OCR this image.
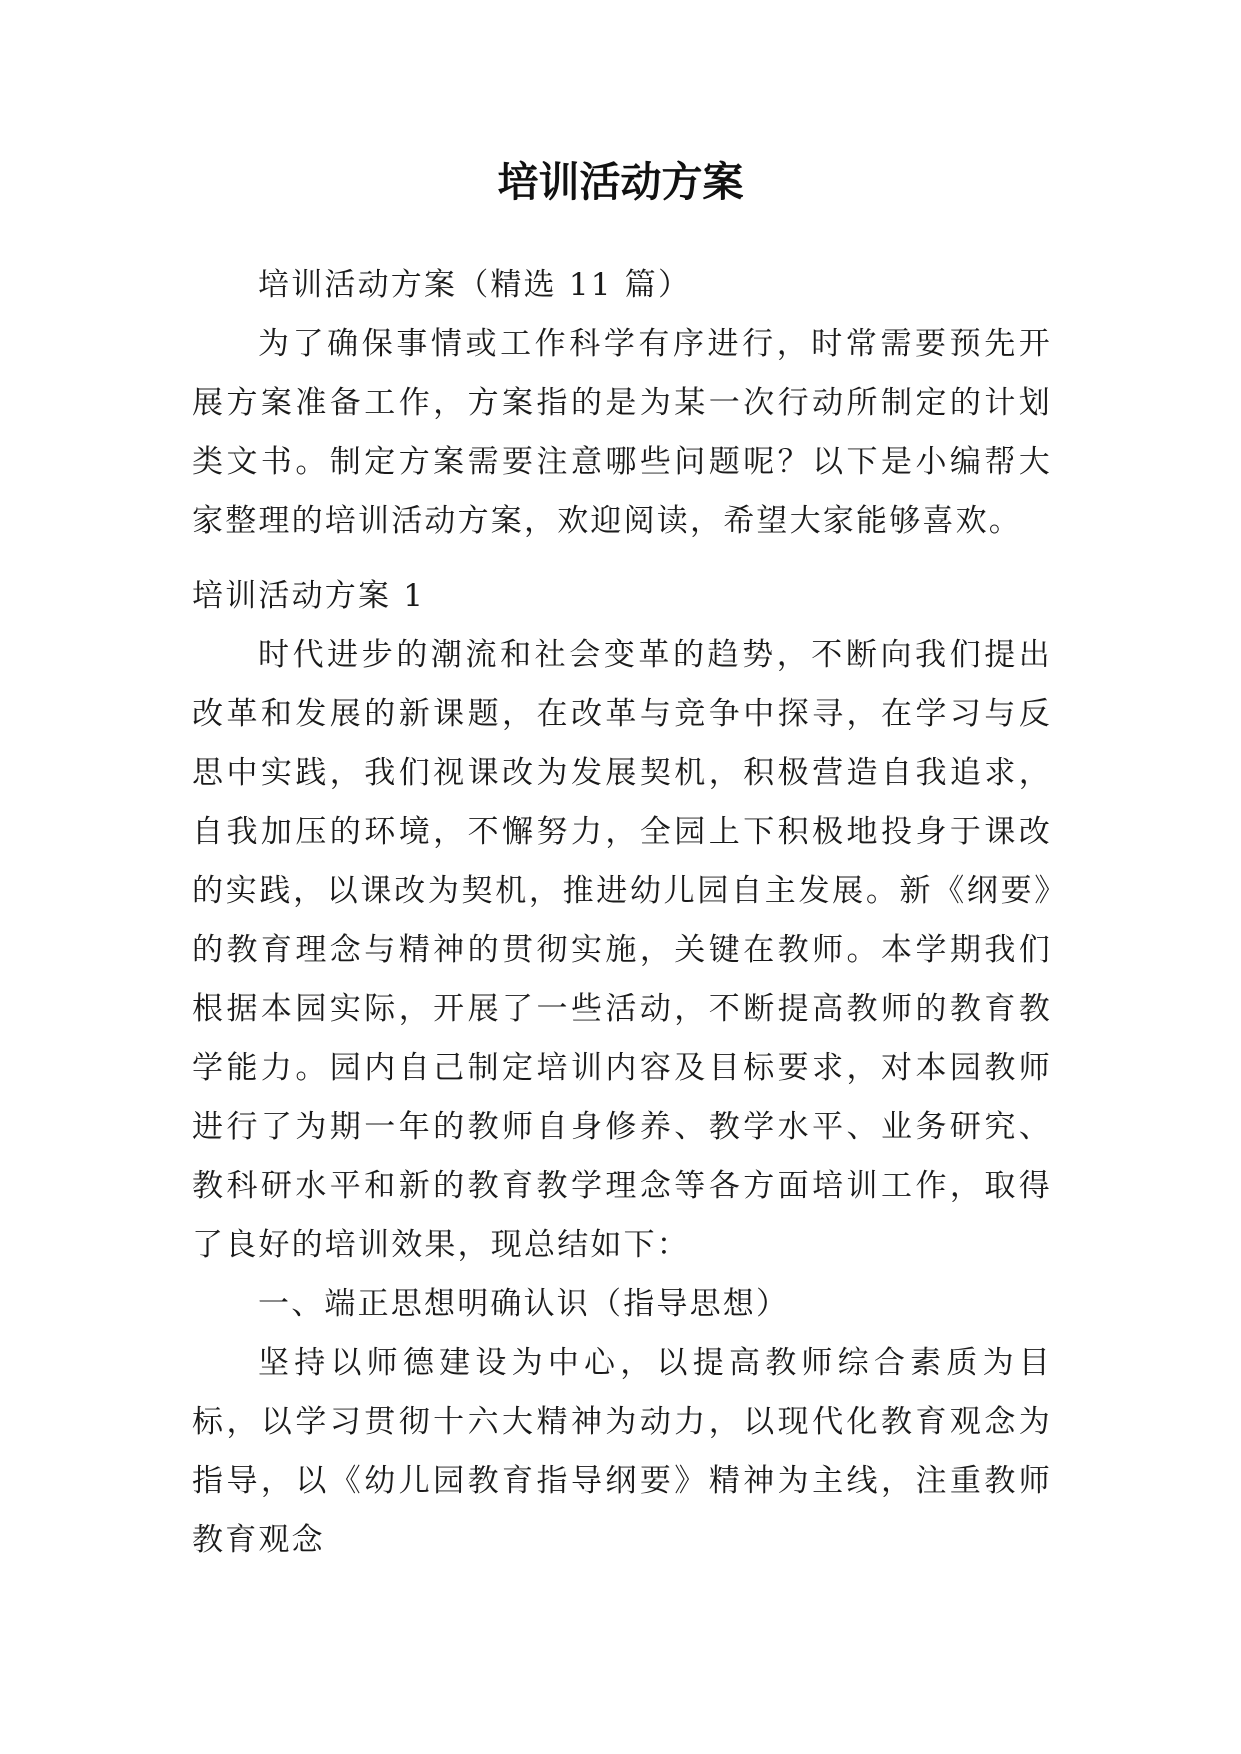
培训活动方案

培训活动方案（精选 11 篇）

为了确保事情或工作科学有序进行，时常需要预先开展方案准备工作，方案指的是为某一次行动所制定的计划类文书。制定方案需要注意哪些问题呢？以下是小编帮大家整理的培训活动方案，欢迎阅读，希望大家能够喜欢。

培训活动方案 1

时代进步的潮流和社会变革的趋势，不断向我们提出改革和发展的新课题，在改革与竞争中探寻，在学习与反思中实践，我们视课改为发展契机，积极营造自我追求，自我加压的环境，不懈努力，全园上下积极地投身于课改的实践，以课改为契机，推进幼儿园自主发展。新《纲要》的教育理念与精神的贯彻实施，关键在教师。本学期我们根据本园实际，开展了一些活动，不断提高教师的教育教学能力。园内自己制定培训内容及目标要求，对本园教师进行了为期一年的教师自身修养、教学水平、业务研究、教科研水平和新的教育教学理念等各方面培训工作，取得了良好的培训效果，现总结如下：

一、端正思想明确认识（指导思想）

坚持以师德建设为中心，以提高教师综合素质为目标，以学习贯彻十六大精神为动力，以现代化教育观念为指导，以《幼儿园教育指导纲要》精神为主线，注重教师教育观念
